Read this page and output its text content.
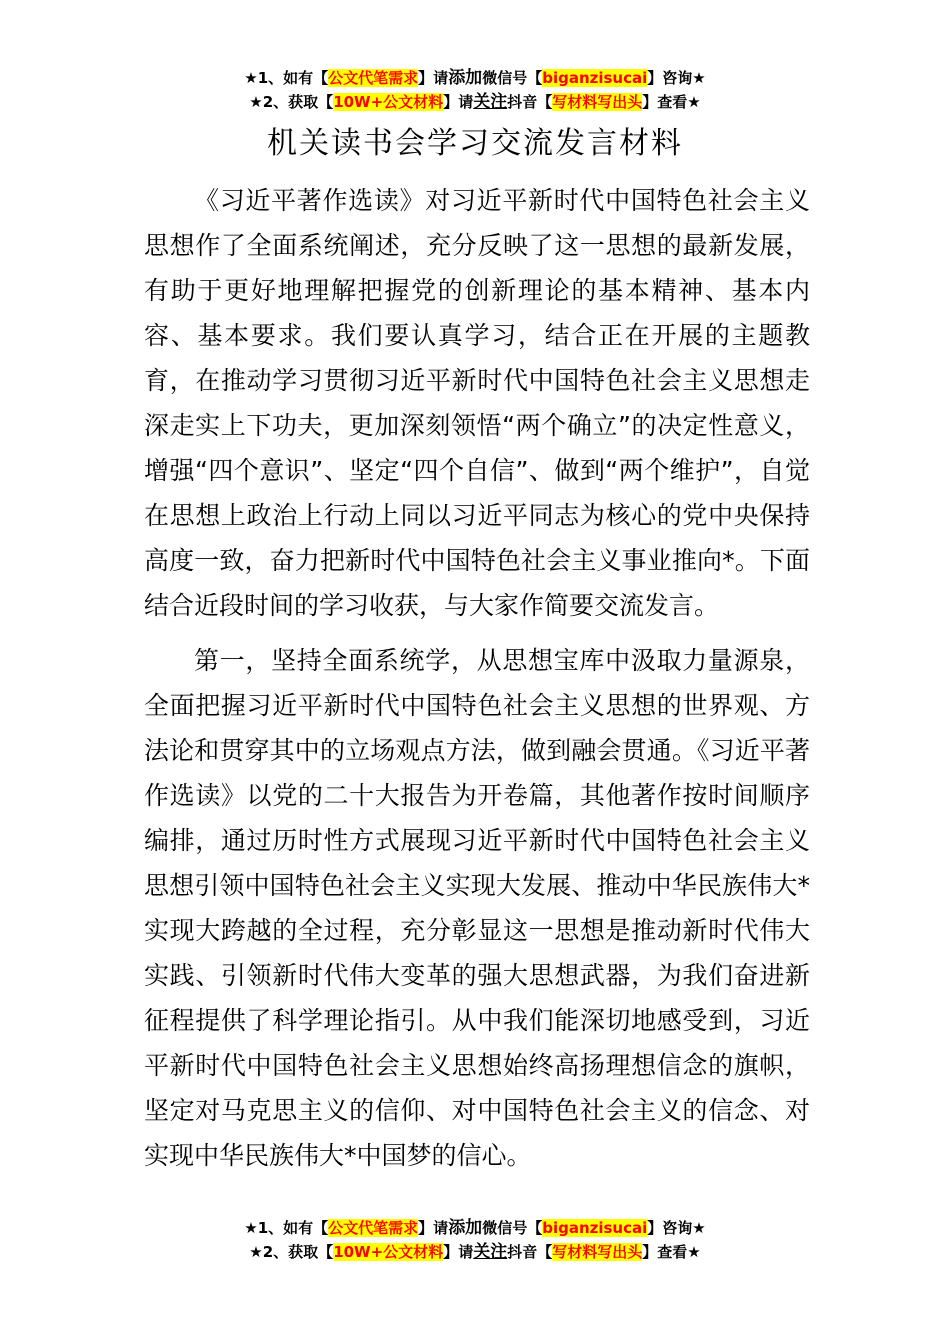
★1、如有【公文代笔需求】请添加微信号【biganzisucai】咨询★
★2、获取【10W+公文材料】请关注抖音【写材料写出头】查看★
机关读书会学习交流发言材料

《习近平著作选读》对习近平新时代中国特色社会主义思想作了全面系统阐述，充分反映了这一思想的最新发展，有助于更好地理解把握党的创新理论的基本精神、基本内容、基本要求。我们要认真学习，结合正在开展的主题教育，在推动学习贯彻习近平新时代中国特色社会主义思想走深走实上下功夫，更加深刻领悟“两个确立”的决定性意义，增强“四个意识”、坚定“四个自信”、做到“两个维护”，自觉在思想上政治上行动上同以习近平同志为核心的党中央保持高度一致，奋力把新时代中国特色社会主义事业推向*。下面结合近段时间的学习收获，与大家作简要交流发言。

第一，坚持全面系统学，从思想宝库中汲取力量源泉，全面把握习近平新时代中国特色社会主义思想的世界观、方法论和贯穿其中的立场观点方法，做到融会贯通。《习近平著作选读》以党的二十大报告为开卷篇，其他著作按时间顺序编排，通过历时性方式展现习近平新时代中国特色社会主义思想引领中国特色社会主义实现大发展、推动中华民族伟大*实现大跨越的全过程，充分彰显这一思想是推动新时代伟大实践、引领新时代伟大变革的强大思想武器，为我们奋进新征程提供了科学理论指引。从中我们能深切地感受到，习近平新时代中国特色社会主义思想始终高扬理想信念的旗帜，坚定对马克思主义的信仰、对中国特色社会主义的信念、对实现中华民族伟大*中国梦的信心。

★1、如有【公文代笔需求】请添加微信号【biganzisucai】咨询★
★2、获取【10W+公文材料】请关注抖音【写材料写出头】查看★
